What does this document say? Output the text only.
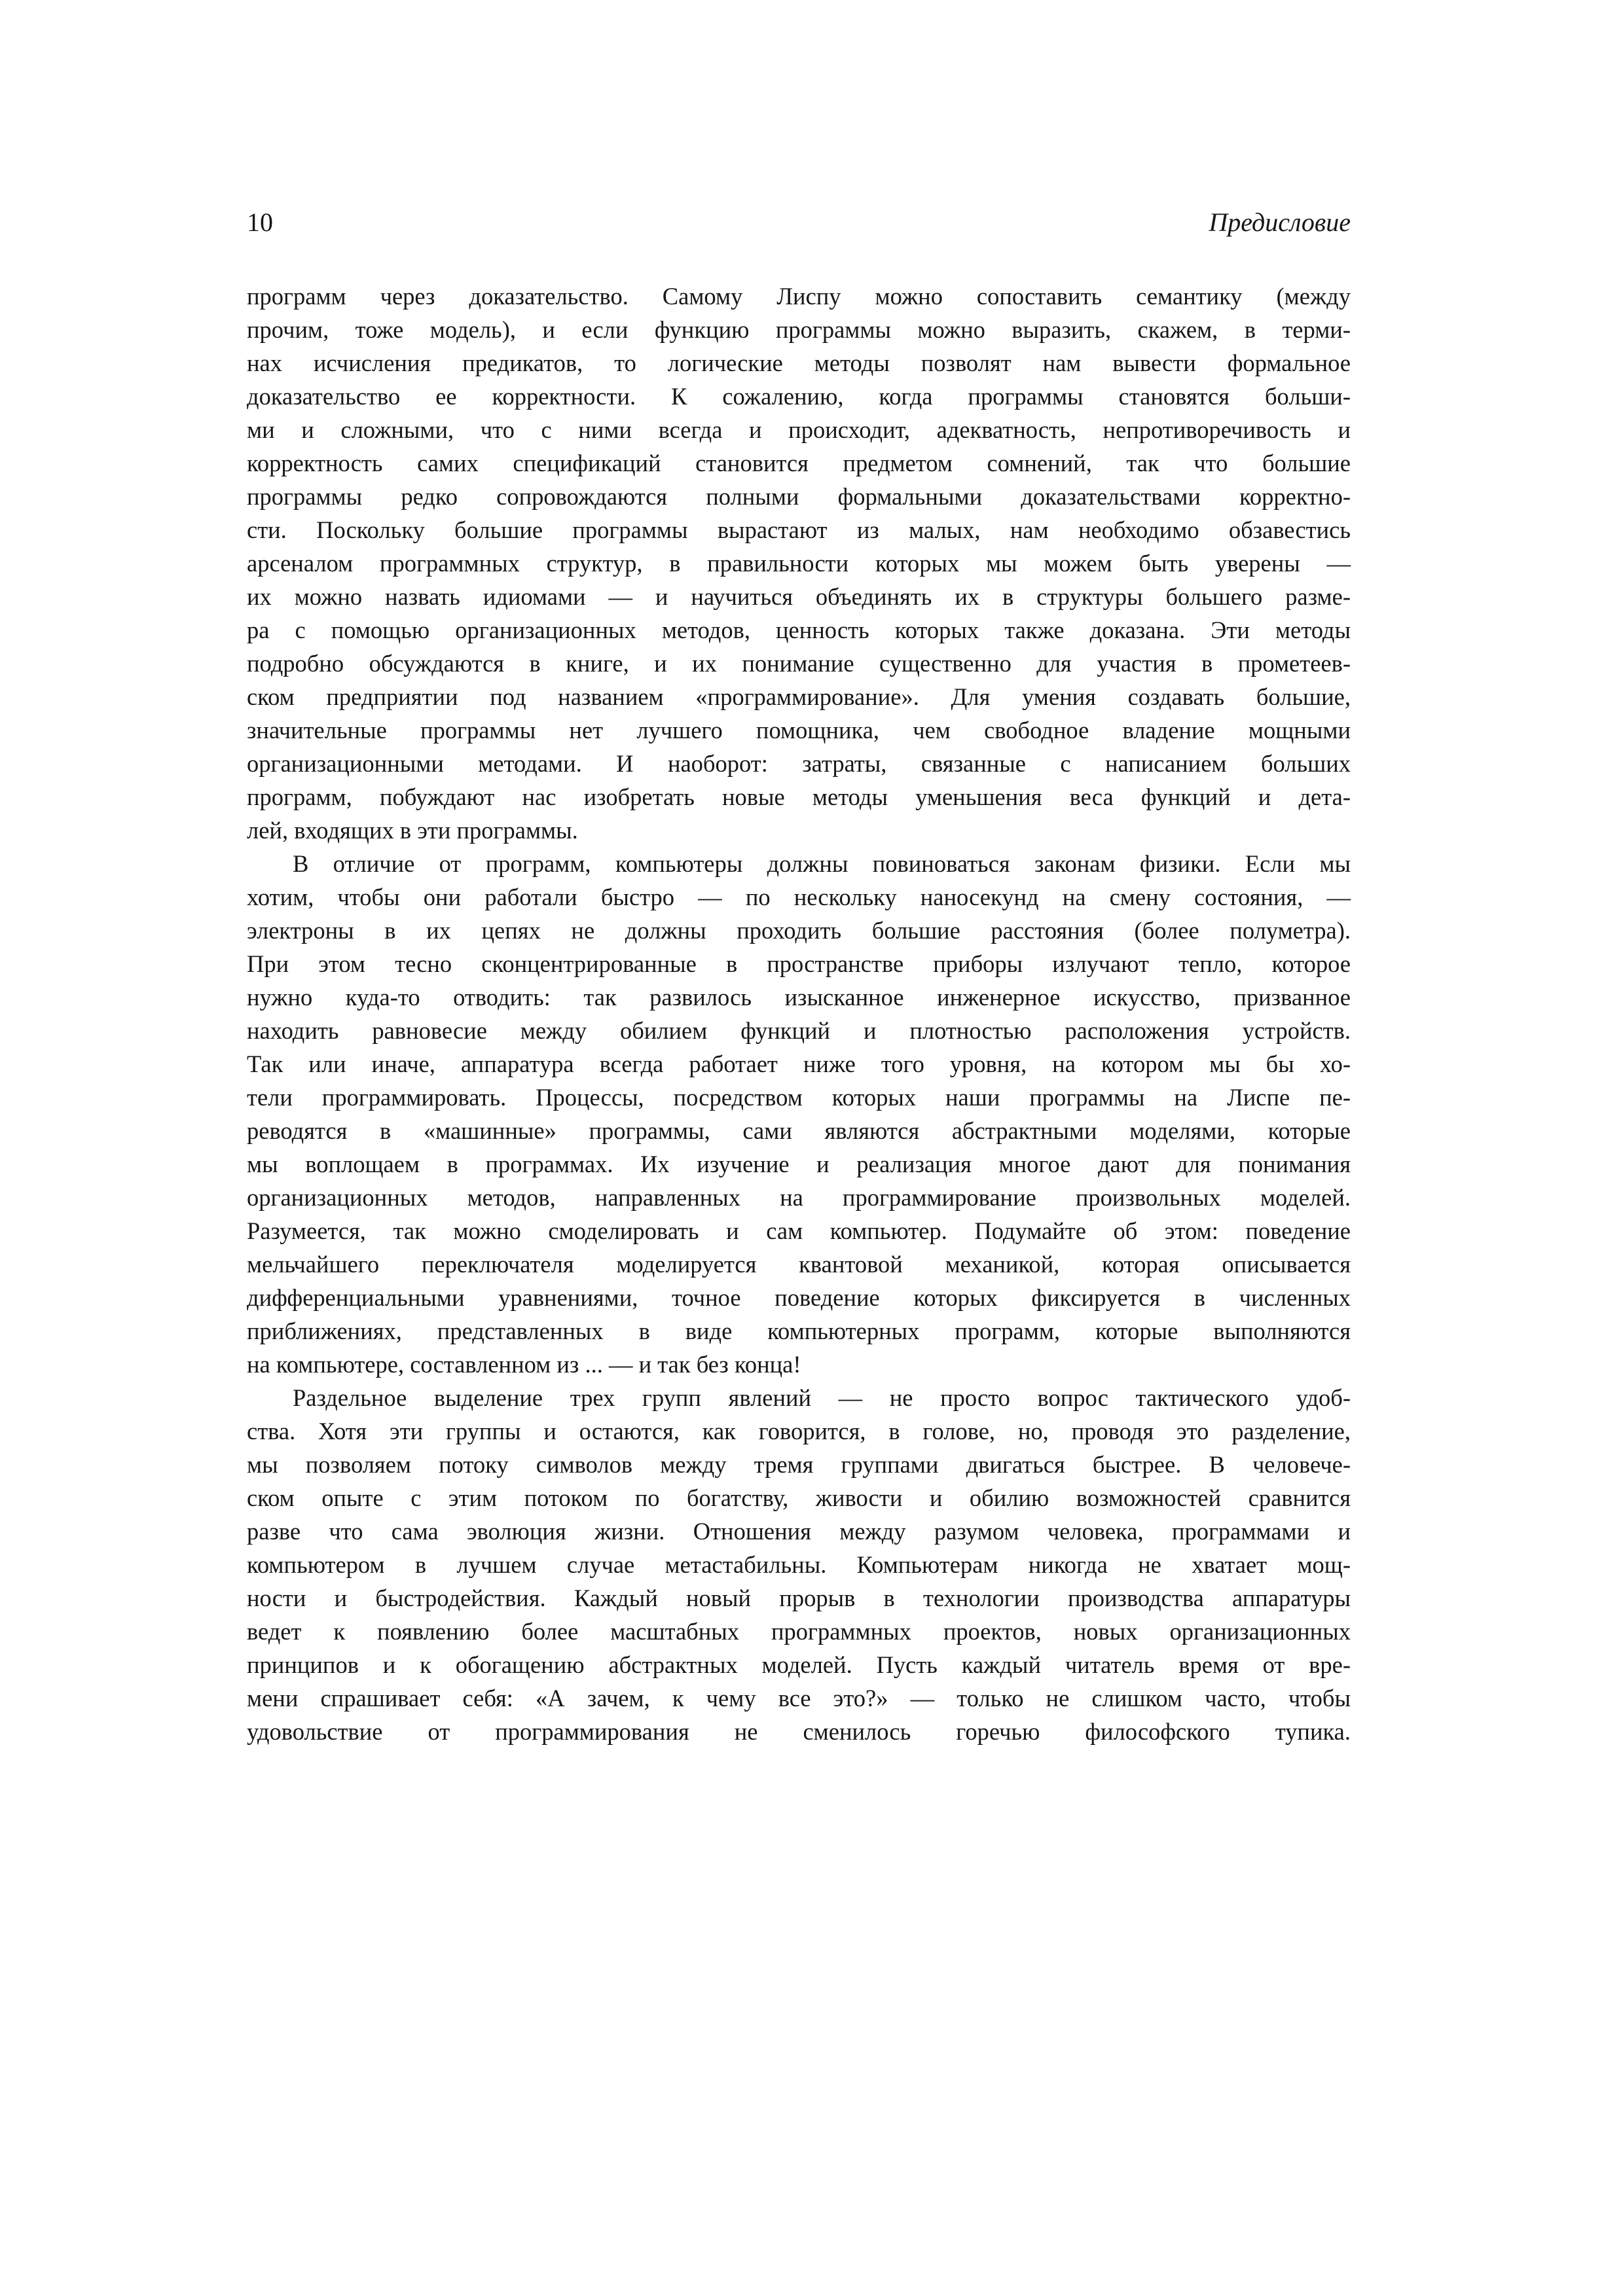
10	Предисловие
программ через доказательство. Самому Лиспу можно сопоставить семантику (между
прочим, тоже модель), и если функцию программы можно выразить, скажем, в терми-
нах исчисления предикатов, то логические методы позволят нам вывести формальное
доказательство ее корректности. К сожалению, когда программы становятся больши-
ми и сложными, что с ними всегда и происходит, адекватность, непротиворечивость и
корректность самих спецификаций становится предметом сомнений, так что большие
программы редко сопровождаются полными формальными доказательствами корректно-
сти. Поскольку большие программы вырастают из малых, нам необходимо обзавестись
арсеналом программных структур, в правильности которых мы можем быть уверены —
их можно назвать идиомами — и научиться объединять их в структуры большего разме-
ра с помощью организационных методов, ценность которых также доказана. Эти методы
подробно обсуждаются в книге, и их понимание существенно для участия в прометеев-
ском предприятии под названием «программирование». Для умения создавать большие,
значительные программы нет лучшего помощника, чем свободное владение мощными
организационными методами. И наоборот: затраты, связанные с написанием больших
программ, побуждают нас изобретать новые методы уменьшения веса функций и дета-
лей, входящих в эти программы.
В отличие от программ, компьютеры должны повиноваться законам физики. Если мы
хотим, чтобы они работали быстро — по нескольку наносекунд на смену состояния, —
электроны в их цепях не должны проходить большие расстояния (более полуметра).
При этом тесно сконцентрированные в пространстве приборы излучают тепло, которое
нужно куда-то отводить: так развилось изысканное инженерное искусство, призванное
находить равновесие между обилием функций и плотностью расположения устройств.
Так или иначе, аппаратура всегда работает ниже того уровня, на котором мы бы хо-
тели программировать. Процессы, посредством которых наши программы на Лиспе пе-
реводятся в «машинные» программы, сами являются абстрактными моделями, которые
мы воплощаем в программах. Их изучение и реализация многое дают для понимания
организационных методов, направленных на программирование произвольных моделей.
Разумеется, так можно смоделировать и сам компьютер. Подумайте об этом: поведение
мельчайшего переключателя моделируется квантовой механикой, которая описывается
дифференциальными уравнениями, точное поведение которых фиксируется в численных
приближениях, представленных в виде компьютерных программ, которые выполняются
на компьютере, составленном из ... — и так без конца!
Раздельное выделение трех групп явлений — не просто вопрос тактического удоб-
ства. Хотя эти группы и остаются, как говорится, в голове, но, проводя это разделение,
мы позволяем потоку символов между тремя группами двигаться быстрее. В человече-
ском опыте с этим потоком по богатству, живости и обилию возможностей сравнится
разве что сама эволюция жизни. Отношения между разумом человека, программами и
компьютером в лучшем случае метастабильны. Компьютерам никогда не хватает мощ-
ности и быстродействия. Каждый новый прорыв в технологии производства аппаратуры
ведет к появлению более масштабных программных проектов, новых организационных
принципов и к обогащению абстрактных моделей. Пусть каждый читатель время от вре-
мени спрашивает себя: «А зачем, к чему все это?» — только не слишком часто, чтобы
удовольствие от программирования не сменилось горечью философского тупика.
